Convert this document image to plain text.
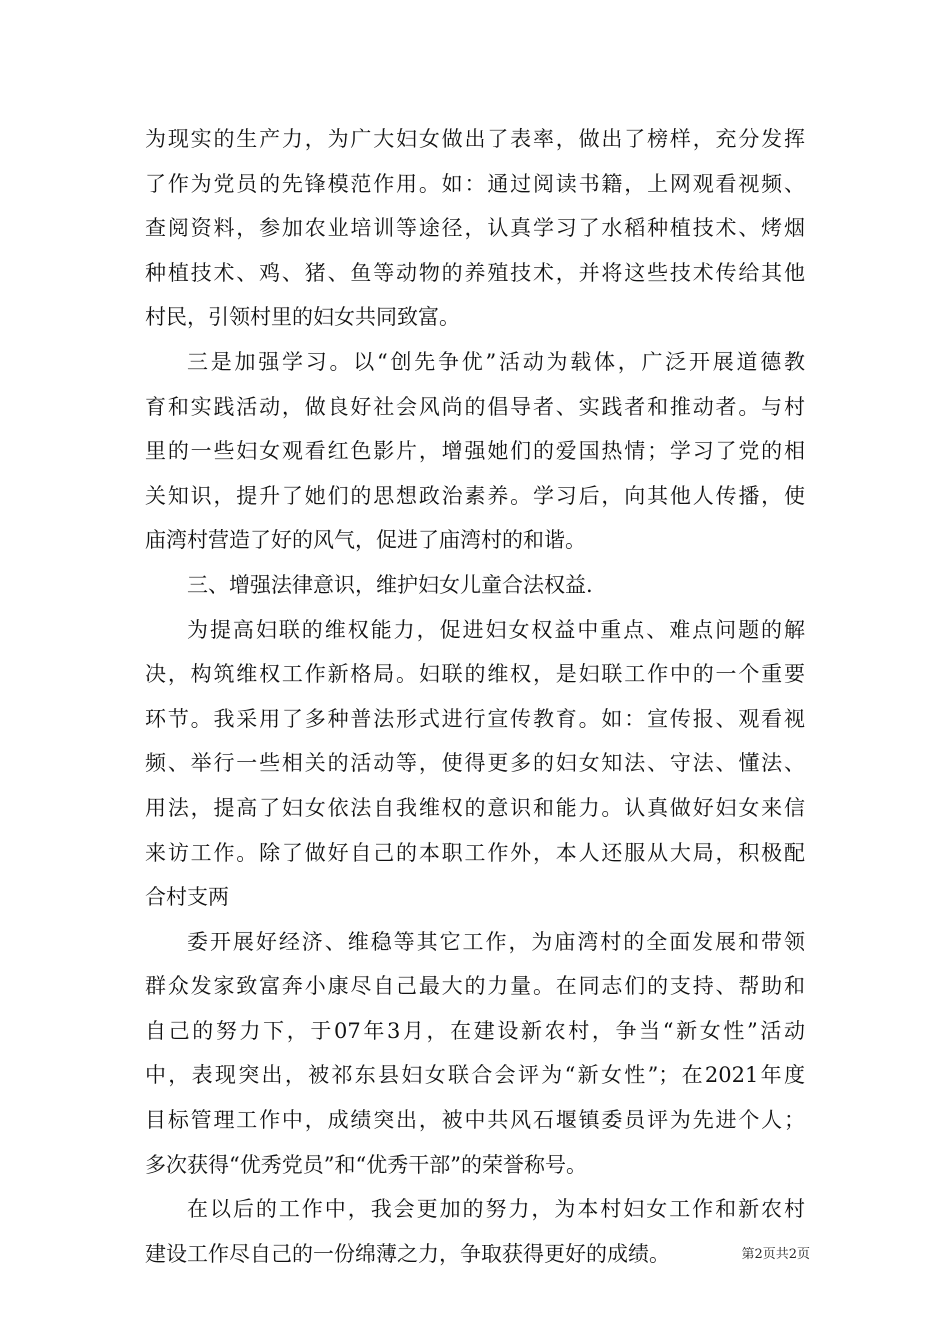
为现实的生产力，为广大妇女做出了表率，做出了榜样，充分发挥
了作为党员的先锋模范作用。如：通过阅读书籍，上网观看视频、
查阅资料，参加农业培训等途径，认真学习了水稻种植技术、烤烟
种植技术、鸡、猪、鱼等动物的养殖技术，并将这些技术传给其他
村民，引领村里的妇女共同致富。
三是加强学习。以“创先争优”活动为载体，广泛开展道德教
育和实践活动，做良好社会风尚的倡导者、实践者和推动者。与村
里的一些妇女观看红色影片，增强她们的爱国热情；学习了党的相
关知识，提升了她们的思想政治素养。学习后，向其他人传播，使
庙湾村营造了好的风气，促进了庙湾村的和谐。
三、增强法律意识，维护妇女儿童合法权益.
为提高妇联的维权能力，促进妇女权益中重点、难点问题的解
决，构筑维权工作新格局。妇联的维权，是妇联工作中的一个重要
环节。我采用了多种普法形式进行宣传教育。如：宣传报、观看视
频、举行一些相关的活动等，使得更多的妇女知法、守法、懂法、
用法，提高了妇女依法自我维权的意识和能力。认真做好妇女来信
来访工作。除了做好自己的本职工作外，本人还服从大局，积极配
合村支两
委开展好经济、维稳等其它工作，为庙湾村的全面发展和带领
群众发家致富奔小康尽自己最大的力量。在同志们的支持、帮助和
自己的努力下，于07年3月，在建设新农村，争当“新女性”活动
中，表现突出，被祁东县妇女联合会评为“新女性”；在2021年度
目标管理工作中，成绩突出，被中共风石堰镇委员评为先进个人；
多次获得“优秀党员”和“优秀干部”的荣誉称号。
在以后的工作中，我会更加的努力，为本村妇女工作和新农村
建设工作尽自己的一份绵薄之力，争取获得更好的成绩。	第2页共2页
